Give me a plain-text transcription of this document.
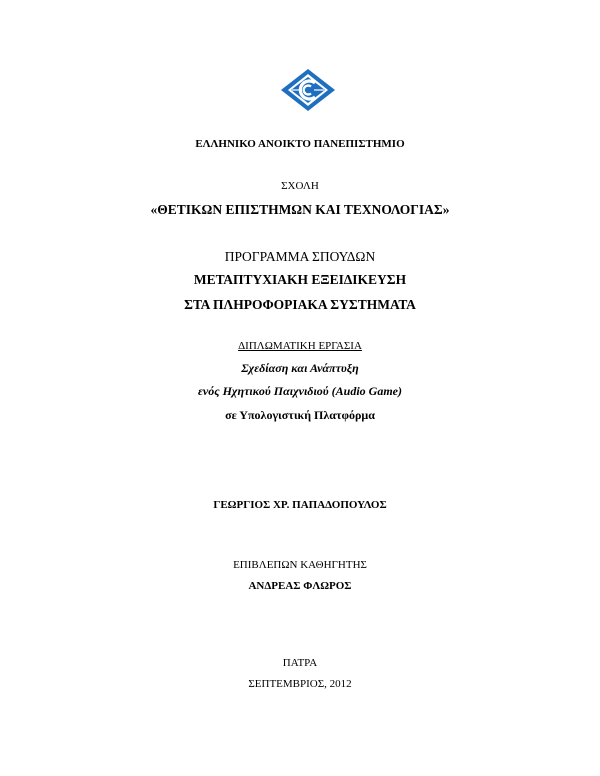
ΕΛΛΗΝΙΚΟ ΑΝΟΙΚΤΟ ΠΑΝΕΠΙΣΤΗΜΙΟ
ΣΧΟΛΗ
«ΘΕΤΙΚΩΝ ΕΠΙΣΤΗΜΩΝ ΚΑΙ ΤΕΧΝΟΛΟΓΙΑΣ»
ΠΡΟΓΡΑΜΜΑ ΣΠΟΥΔΩΝ
ΜΕΤΑΠΤΥΧΙΑΚΗ ΕΞΕΙΔΙΚΕΥΣΗ
ΣΤΑ ΠΛΗΡΟΦΟΡΙΑΚΑ ΣΥΣΤΗΜΑΤΑ
ΔΙΠΛΩΜΑΤΙΚΗ ΕΡΓΑΣΙΑ
Σχεδίαση και Ανάπτυξη
ενός Ηχητικού Παιχνιδιού (Audio Game)
σε Υπολογιστική Πλατφόρμα
ΓΕΩΡΓΙΟΣ ΧΡ. ΠΑΠΑΔΟΠΟΥΛΟΣ
ΕΠΙΒΛΕΠΩΝ ΚΑΘΗΓΗΤΗΣ
ΑΝΔΡΕΑΣ ΦΛΩΡΟΣ
ΠΑΤΡΑ
ΣΕΠΤΕΜΒΡΙΟΣ, 2012
